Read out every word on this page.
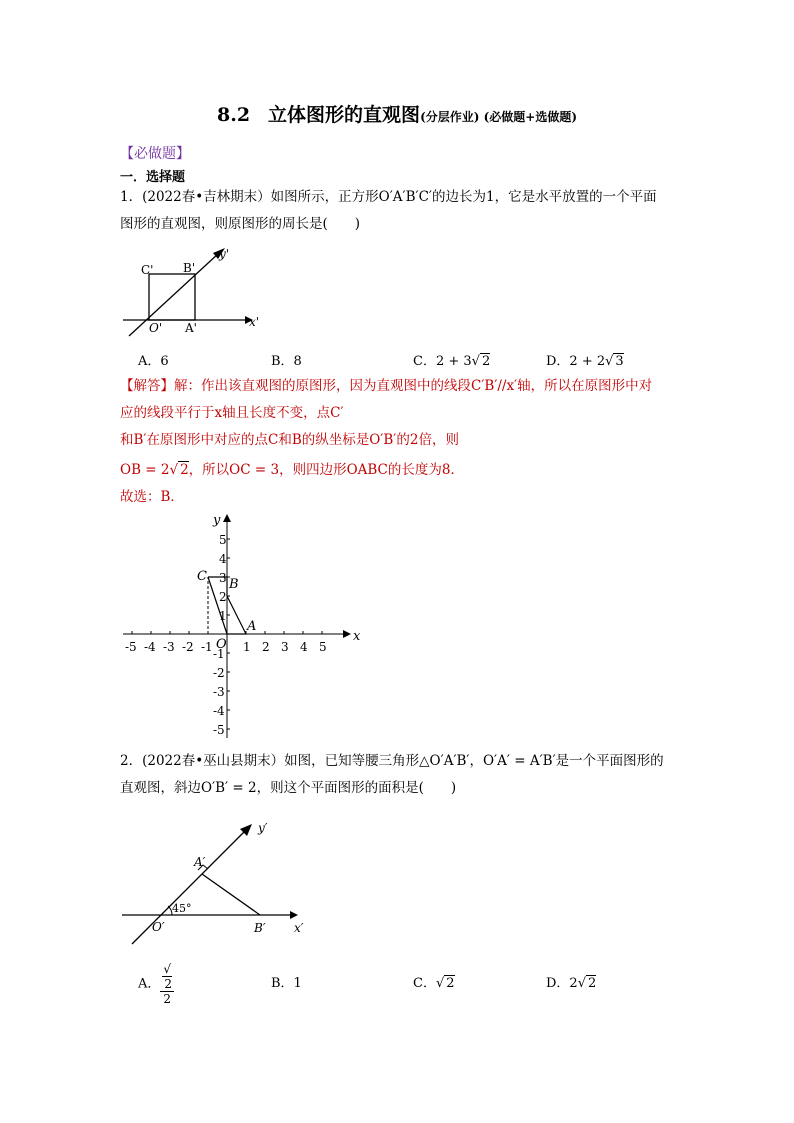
8.2 立体图形的直观图(分层作业) (必做题+选做题)
【必做题】
一．选择题
1．(2022春•吉林期末）如图所示，正方形O′A′B′C′的边长为1，它是水平放置的一个平面
图形的直观图，则原图形的周长是(　　)
C' B'
O' A'	x'
y'
A．6	B．8	C．2 + 3√ 2	D．2 + 2√ 3
【解答】解：作出该直观图的原图形，因为直观图中的线段C′B′//x′轴，所以在原图形中对
应的线段平行于x轴且长度不变，点C′
和B′在原图形中对应的点C和B的纵坐标是O′B′的2倍，则
OB = 2√ 2，所以OC = 3，则四边形OABC的长度为8．
故选：B．
-5 -4 -3 -2 -1	1 2 3 4 5
5
4
3
2
1
-1
-2
-3
-4
-5
x
y
O
C
B
A
2．(2022春•巫山县期末）如图，已知等腰三角形△O′A′B′，O′A′ = A′B′是一个平面图形的
直观图，斜边O′B′ = 2，则这个平面图形的面积是(　　)
A′
O′	B′ x′
y′
45°
A． √
2
2	B．1	C．√ 2	D．2√ 2
